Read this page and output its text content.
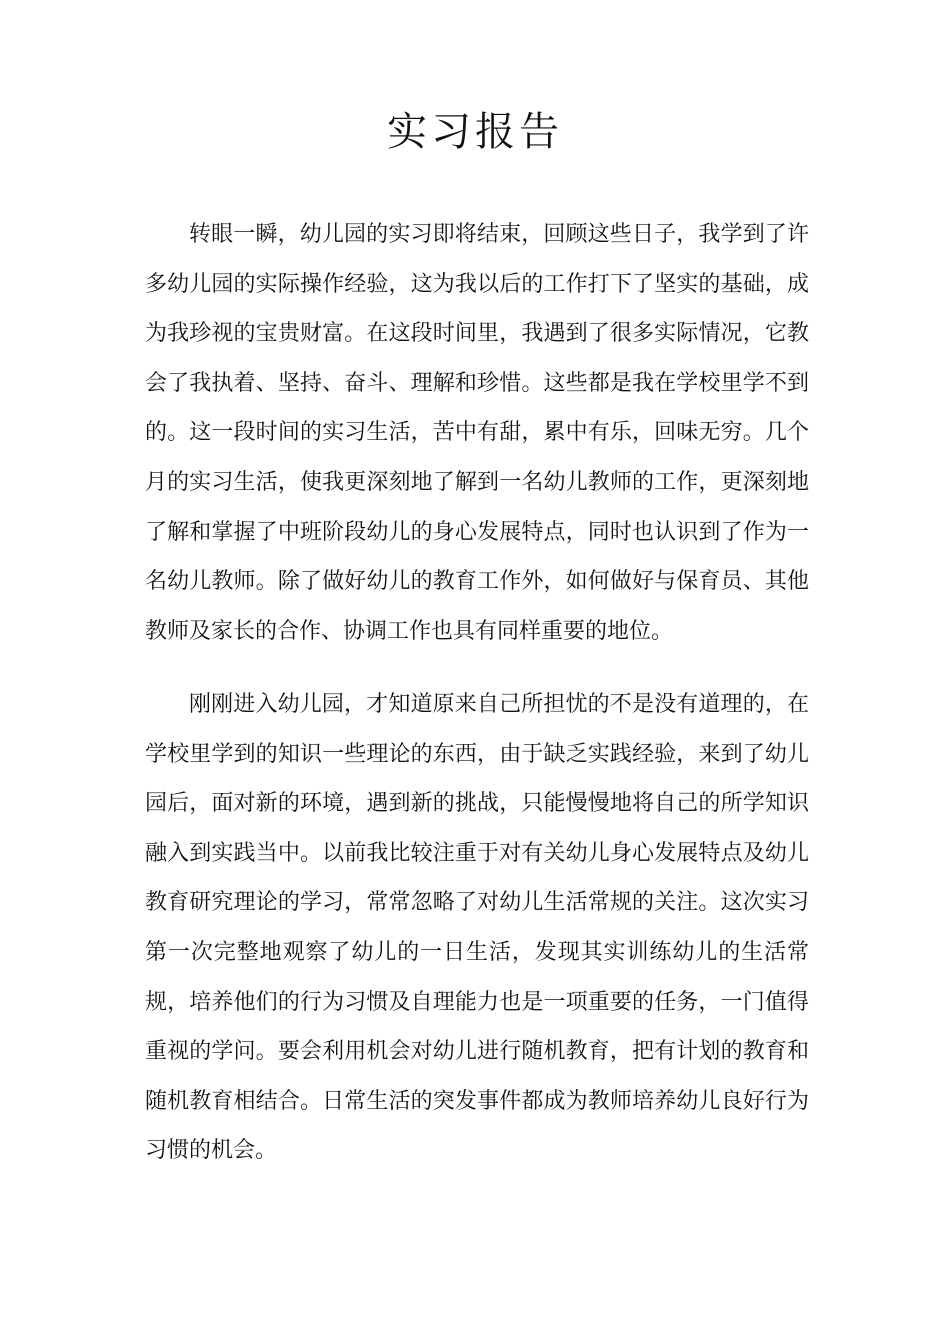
实习报告

转眼一瞬，幼儿园的实习即将结束，回顾这些日子，我学到了许多幼儿园的实际操作经验，这为我以后的工作打下了坚实的基础，成为我珍视的宝贵财富。在这段时间里，我遇到了很多实际情况，它教会了我执着、坚持、奋斗、理解和珍惜。这些都是我在学校里学不到的。这一段时间的实习生活，苦中有甜，累中有乐，回味无穷。几个月的实习生活，使我更深刻地了解到一名幼儿教师的工作，更深刻地了解和掌握了中班阶段幼儿的身心发展特点，同时也认识到了作为一名幼儿教师。除了做好幼儿的教育工作外，如何做好与保育员、其他教师及家长的合作、协调工作也具有同样重要的地位。

刚刚进入幼儿园，才知道原来自己所担忧的不是没有道理的，在学校里学到的知识一些理论的东西，由于缺乏实践经验，来到了幼儿园后，面对新的环境，遇到新的挑战，只能慢慢地将自己的所学知识融入到实践当中。以前我比较注重于对有关幼儿身心发展特点及幼儿教育研究理论的学习，常常忽略了对幼儿生活常规的关注。这次实习第一次完整地观察了幼儿的一日生活，发现其实训练幼儿的生活常规，培养他们的行为习惯及自理能力也是一项重要的任务，一门值得重视的学问。要会利用机会对幼儿进行随机教育，把有计划的教育和随机教育相结合。日常生活的突发事件都成为教师培养幼儿良好行为习惯的机会。
